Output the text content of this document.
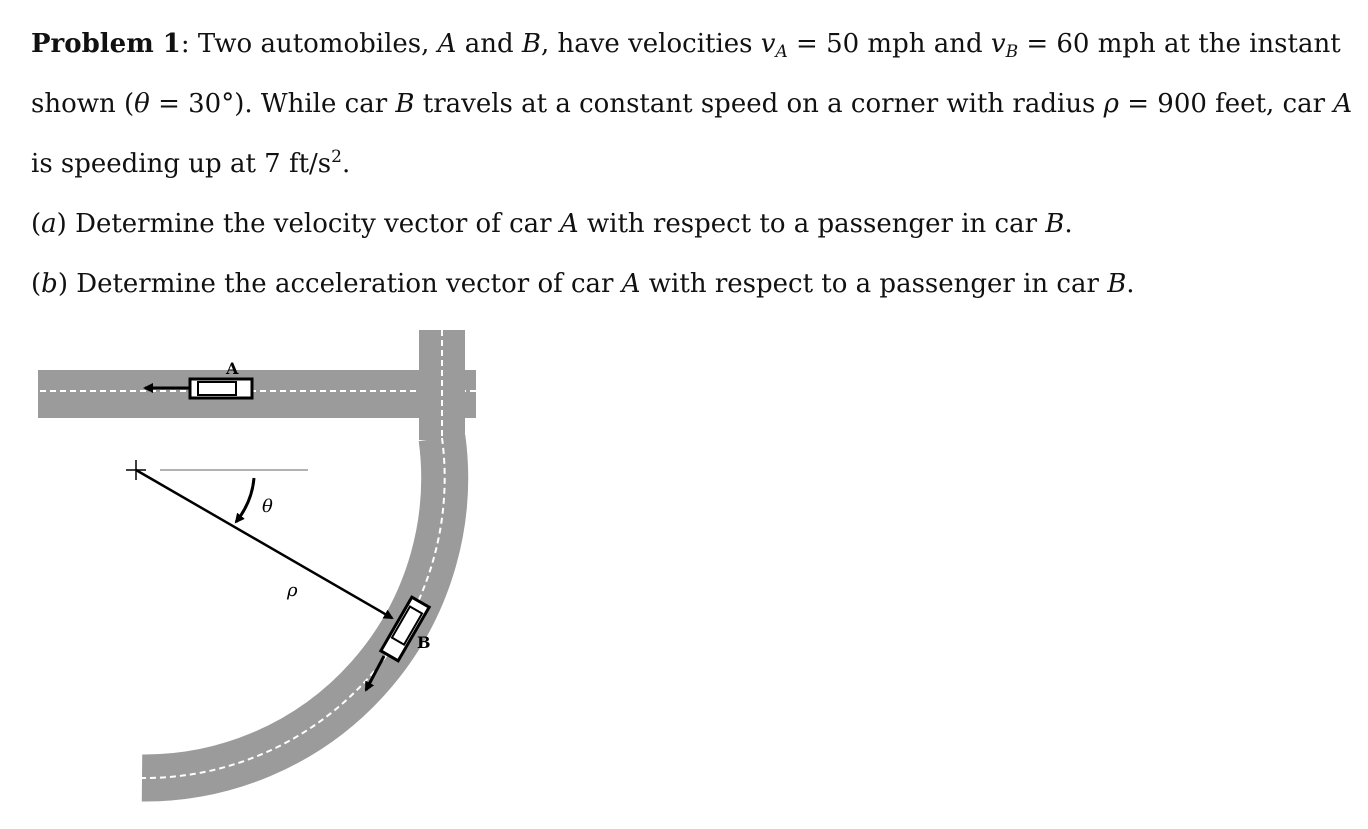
Problem 1: Two automobiles, A and B, have velocities $v_A = 50$ mph and $v_B = 60$ mph at the instant
shown (θ = 30°). While car B travels at a constant speed on a corner with radius ρ = 900 feet, car A
is speeding up at 7 $ft/s^2$.
(a) Determine the velocity vector of car A with respect to a passenger in car B.
(b) Determine the acceleration vector of car A with respect to a passenger in car B.
A
θ
ρ
B
